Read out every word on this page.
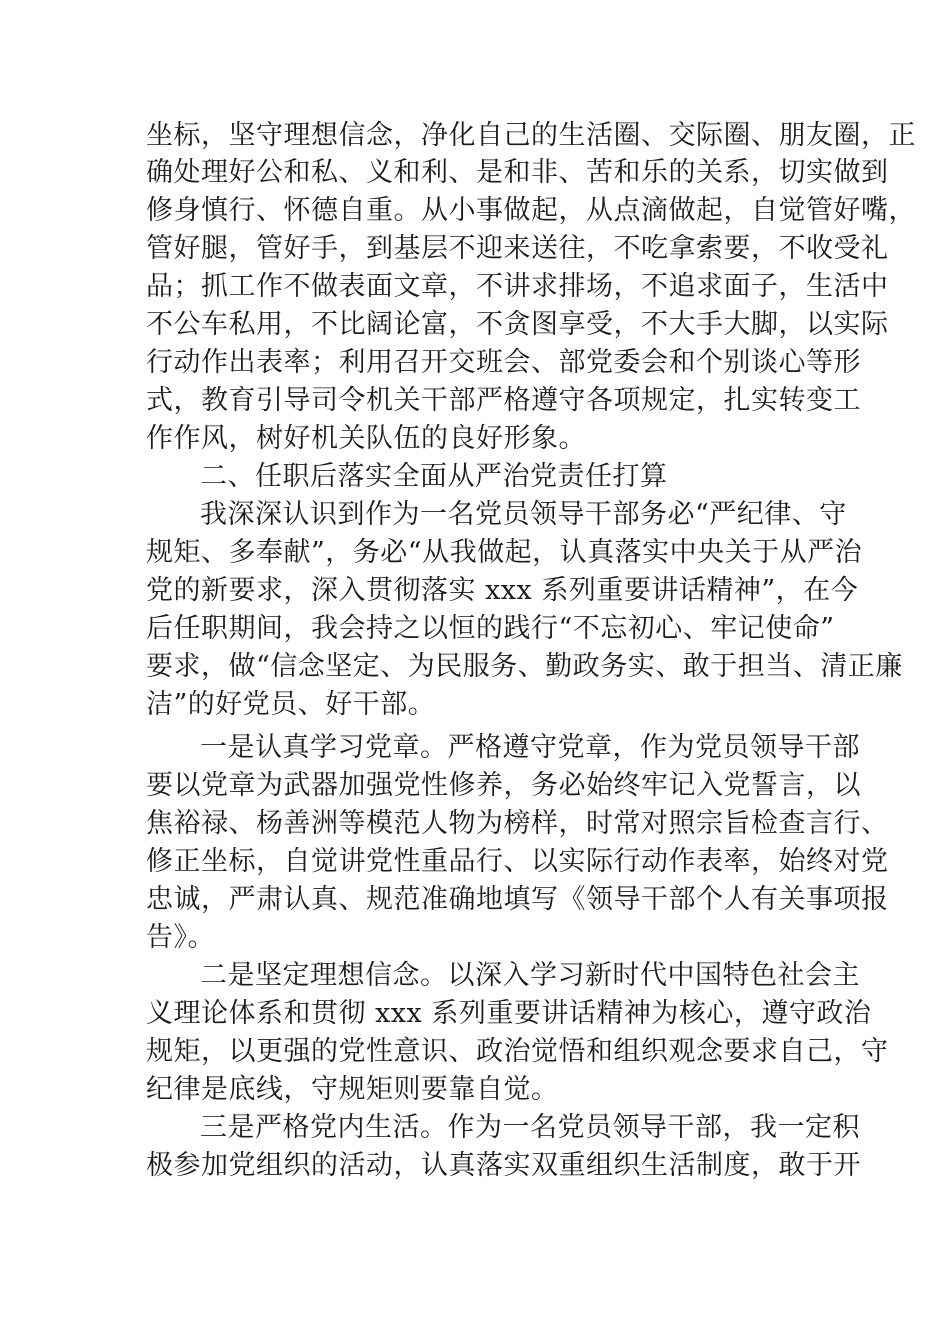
坐标，坚守理想信念，净化自己的生活圈、交际圈、朋友圈，正
确处理好公和私、义和利、是和非、苦和乐的关系，切实做到
修身慎行、怀德自重。从小事做起，从点滴做起，自觉管好嘴，
管好腿，管好手，到基层不迎来送往，不吃拿索要，不收受礼
品；抓工作不做表面文章，不讲求排场，不追求面子，生活中
不公车私用，不比阔论富，不贪图享受，不大手大脚，以实际
行动作出表率；利用召开交班会、部党委会和个别谈心等形
式，教育引导司令机关干部严格遵守各项规定，扎实转变工
作作风，树好机关队伍的良好形象。
二、任职后落实全面从严治党责任打算
我深深认识到作为一名党员领导干部务必“严纪律、守
规矩、多奉献”，务必“从我做起，认真落实中央关于从严治
党的新要求，深入贯彻落实 xxx 系列重要讲话精神”，在今
后任职期间，我会持之以恒的践行“不忘初心、牢记使命”
要求，做“信念坚定、为民服务、勤政务实、敢于担当、清正廉
洁”的好党员、好干部。
一是认真学习党章。严格遵守党章，作为党员领导干部
要以党章为武器加强党性修养，务必始终牢记入党誓言，以
焦裕禄、杨善洲等模范人物为榜样，时常对照宗旨检查言行、
修正坐标，自觉讲党性重品行、以实际行动作表率，始终对党
忠诚，严肃认真、规范准确地填写《领导干部个人有关事项报
告》。
二是坚定理想信念。以深入学习新时代中国特色社会主
义理论体系和贯彻 xxx 系列重要讲话精神为核心，遵守政治
规矩，以更强的党性意识、政治觉悟和组织观念要求自己，守
纪律是底线，守规矩则要靠自觉。
三是严格党内生活。作为一名党员领导干部，我一定积
极参加党组织的活动，认真落实双重组织生活制度，敢于开
